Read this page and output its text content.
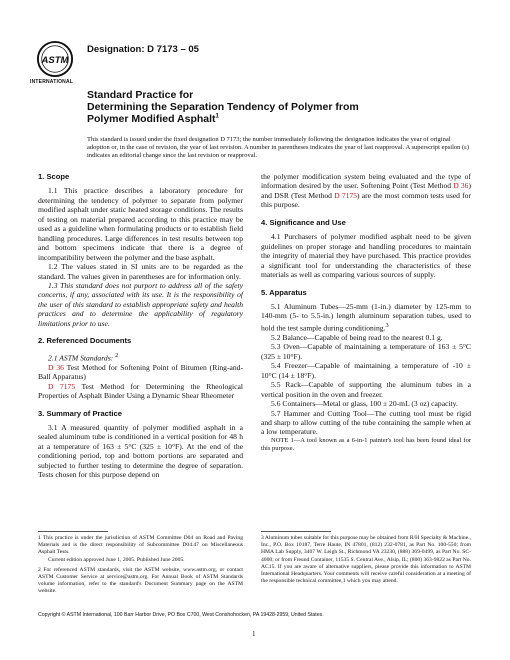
ASTM
INTERNATIONAL
Designation: D 7173 – 05
Standard Practice for
Determining the Separation Tendency of Polymer from
Polymer Modified Asphalt$^1$
This standard is issued under the fixed designation D 7173; the number immediately following the designation indicates the year of original adoption or, in the case of revision, the year of last revision. A number in parentheses indicates the year of last reapproval. A superscript epsilon (ε) indicates an editorial change since the last revision or reapproval.
1. Scope

1.1 This practice describes a laboratory procedure for determining the tendency of polymer to separate from polymer modified asphalt under static heated storage conditions. The results of testing on material prepared according to this practice may be used as a guideline when formulating products or to establish field handling procedures. Large differences in test results between top and bottom specimens indicate that there is a degree of incompatibility between the polymer and the base asphalt.

1.2 The values stated in SI units are to be regarded as the standard. The values given in parentheses are for information only.

1.3 This standard does not purport to address all of the safety concerns, if any, associated with its use. It is the responsibility of the user of this standard to establish appropriate safety and health practices and to determine the applicability of regulatory limitations prior to use.

2. Referenced Documents

2.1 ASTM Standards: $^2$

D 36 Test Method for Softening Point of Bitumen (Ring-and-Ball Apparatus)

D 7175 Test Method for Determining the Rheological Properties of Asphalt Binder Using a Dynamic Shear Rheometer

3. Summary of Practice

3.1 A measured quantity of polymer modified asphalt in a sealed aluminum tube is conditioned in a vertical position for 48 h at a temperature of 163 ± 5°C (325 ± 10°F). At the end of the conditioning period, top and bottom portions are separated and subjected to further testing to determine the degree of separation. Tests chosen for this purpose depend on

the polymer modification system being evaluated and the type of information desired by the user. Softening Point (Test Method D 36) and DSR (Test Method D 7175) are the most common tests used for this purpose.

4. Significance and Use

4.1 Purchasers of polymer modified asphalt need to be given guidelines on proper storage and handling procedures to maintain the integrity of material they have purchased. This practice provides a significant tool for understanding the characteristics of these materials as well as comparing various sources of supply.

5. Apparatus

5.1 Aluminum Tubes—25-mm (1-in.) diameter by 125-mm to 140-mm (5- to 5.5-in.) length aluminum separation tubes, used to hold the test sample during conditioning.$^3$

5.2 Balance—Capable of being read to the nearest 0.1 g.

5.3 Oven—Capable of maintaining a temperature of 163 ± 5°C (325 ± 10°F).

5.4 Freezer—Capable of maintaining a temperature of -10 ± 10°C (14 ± 18°F).

5.5 Rack—Capable of supporting the aluminum tubes in a vertical position in the oven and freezer.

5.6 Containers—Metal or glass, 100 ± 20-mL (3 oz) capacity.

5.7 Hammer and Cutting Tool—The cutting tool must be rigid and sharp to allow cutting of the tube containing the sample when at a low temperature.

NOTE 1—A tool known as a 6-in-1 painter's tool has been found ideal for this purpose.

1 This practice is under the jurisdiction of ASTM Committee D04 on Road and Paving Materials and is the direct responsibility of Subcommittee D04.47 on Miscellaneous Asphalt Tests.
Current edition approved June 1, 2005. Published June 2005.
2 For referenced ASTM standards, visit the ASTM website, www.astm.org, or contact ASTM Customer Service at service@astm.org. For Annual Book of ASTM Standards volume information, refer to the standard's Document Summary page on the ASTM website.
3 Aluminum tubes suitable for this purpose may be obtained from R/H Specialty & Machine., Inc., P.O. Box 10187, Terre Haute, IN 47801, (812) 232-0781, as Part No. 100-550; from HMA Lab Supply, 3407 W. Leigh St., Richmond VA 23230, (888) 369-0499, as Part No. SC-4000; or from Freund Container, 11535 S. Central Ave., Alsip, IL; (800) 363-9822 as Part No. AC15. If you are aware of alternative suppliers, please provide this information to ASTM International Headquarters. Your comments will receive careful consideration at a meeting of the responsible technical committee,1 which you may attend.
Copyright © ASTM International, 100 Barr Harbor Drive, PO Box C700, West Conshohocken, PA 19428-2959, United States.
1
